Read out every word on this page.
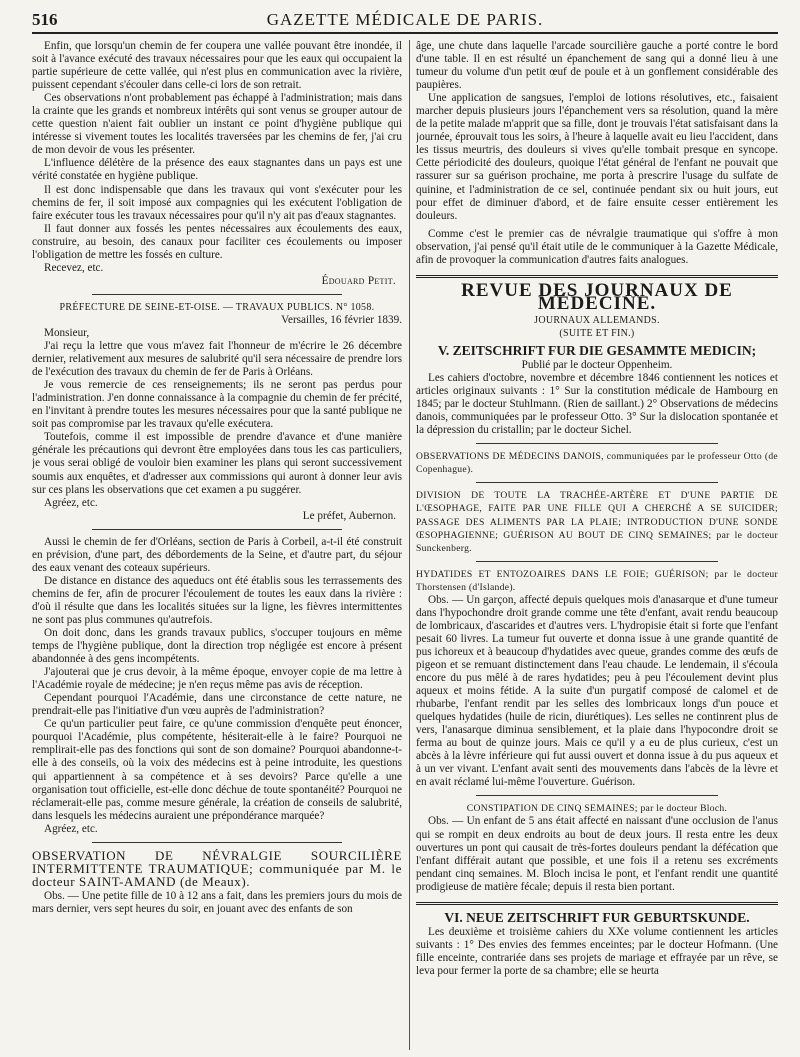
516	GAZETTE MÉDICALE DE PARIS.

Enfin, que lorsqu'un chemin de fer coupera une vallée pouvant être inondée, il soit à l'avance exécuté des travaux nécessaires pour que les eaux qui occupaient la partie supérieure de cette vallée, qui n'est plus en communication avec la rivière, puissent cependant s'écouler dans celle-ci lors de son retrait.

Ces observations n'ont probablement pas échappé à l'administration; mais dans la crainte que les grands et nombreux intérêts qui sont venus se grouper autour de cette question n'aient fait oublier un instant ce point d'hygiène publique qui intéresse si vivement toutes les localités traversées par les chemins de fer, j'ai cru de mon devoir de vous les présenter.

L'influence délétère de la présence des eaux stagnantes dans un pays est une vérité constatée en hygiène publique.

Il est donc indispensable que dans les travaux qui vont s'exécuter pour les chemins de fer, il soit imposé aux compagnies qui les exécutent l'obligation de faire exécuter tous les travaux nécessaires pour qu'il n'y ait pas d'eaux stagnantes.

Il faut donner aux fossés les pentes nécessaires aux écoulements des eaux, construire, au besoin, des canaux pour faciliter ces écoulements ou imposer l'obligation de mettre les fossés en culture.

Recevez, etc.

Édouard Petit.

PRÉFECTURE DE SEINE-ET-OISE. — TRAVAUX PUBLICS. N° 1058.

Versailles, 16 février 1839.

Monsieur,

J'ai reçu la lettre que vous m'avez fait l'honneur de m'écrire le 26 décembre dernier, relativement aux mesures de salubrité qu'il sera nécessaire de prendre lors de l'exécution des travaux du chemin de fer de Paris à Orléans.

Je vous remercie de ces renseignements; ils ne seront pas perdus pour l'administration. J'en donne connaissance à la compagnie du chemin de fer précité, en l'invitant à prendre toutes les mesures nécessaires pour que la santé publique ne soit pas compromise par les travaux qu'elle exécutera.

Toutefois, comme il est impossible de prendre d'avance et d'une manière générale les précautions qui devront être employées dans tous les cas particuliers, je vous serai obligé de vouloir bien examiner les plans qui seront successivement soumis aux enquêtes, et d'adresser aux commissions qui auront à donner leur avis sur ces plans les observations que cet examen a pu suggérer.

Agréez, etc.

Le préfet, Aubernon.

Aussi le chemin de fer d'Orléans, section de Paris à Corbeil, a-t-il été construit en prévision, d'une part, des débordements de la Seine, et d'autre part, du séjour des eaux venant des coteaux supérieurs.

De distance en distance des aqueducs ont été établis sous les terrassements des chemins de fer, afin de procurer l'écoulement de toutes les eaux dans la rivière : d'où il résulte que dans les localités situées sur la ligne, les fièvres intermittentes ne sont pas plus communes qu'autrefois.

On doit donc, dans les grands travaux publics, s'occuper toujours en même temps de l'hygiène publique, dont la direction trop négligée est encore à présent abandonnée à des gens incompétents.

J'ajouterai que je crus devoir, à la même époque, envoyer copie de ma lettre à l'Académie royale de médecine; je n'en reçus même pas avis de réception.

Cependant pourquoi l'Académie, dans une circonstance de cette nature, ne prendrait-elle pas l'initiative d'un vœu auprès de l'administration?

Ce qu'un particulier peut faire, ce qu'une commission d'enquête peut énoncer, pourquoi l'Académie, plus compétente, hésiterait-elle à le faire? Pourquoi ne remplirait-elle pas des fonctions qui sont de son domaine? Pourquoi abandonne-t-elle à des conseils, où la voix des médecins est à peine introduite, les questions qui appartiennent à sa compétence et à ses devoirs? Parce qu'elle a une organisation tout officielle, est-elle donc déchue de toute spontanéité? Pourquoi ne réclamerait-elle pas, comme mesure générale, la création de conseils de salubrité, dans lesquels les médecins auraient une prépondérance marquée?

Agréez, etc.

OBSERVATION DE NÉVRALGIE SOURCILIÈRE INTERMITTENTE TRAUMATIQUE; communiquée par M. le docteur SAINT-AMAND (de Meaux).

Obs. — Une petite fille de 10 à 12 ans a fait, dans les premiers jours du mois de mars dernier, vers sept heures du soir, en jouant avec des enfants de son

âge, une chute dans laquelle l'arcade sourcilière gauche a porté contre le bord d'une table. Il en est résulté un épanchement de sang qui a donné lieu à une tumeur du volume d'un petit œuf de poule et à un gonflement considérable des paupières.

Une application de sangsues, l'emploi de lotions résolutives, etc., faisaient marcher depuis plusieurs jours l'épanchement vers sa résolution, quand la mère de la petite malade m'apprit que sa fille, dont je trouvais l'état satisfaisant dans la journée, éprouvait tous les soirs, à l'heure à laquelle avait eu lieu l'accident, dans les tissus meurtris, des douleurs si vives qu'elle tombait presque en syncope. Cette périodicité des douleurs, quoique l'état général de l'enfant ne pouvait que rassurer sur sa guérison prochaine, me porta à prescrire l'usage du sulfate de quinine, et l'administration de ce sel, continuée pendant six ou huit jours, eut pour effet de diminuer d'abord, et de faire ensuite cesser entièrement les douleurs.

Comme c'est le premier cas de névralgie traumatique qui s'offre à mon observation, j'ai pensé qu'il était utile de le communiquer à la Gazette Médicale, afin de provoquer la communication d'autres faits analogues.

REVUE DES JOURNAUX DE MÉDECINE.

JOURNAUX ALLEMANDS.

(SUITE ET FIN.)

V. ZEITSCHRIFT FUR DIE GESAMMTE MEDICIN;

Publié par le docteur Oppenheim.

Les cahiers d'octobre, novembre et décembre 1846 contiennent les notices et articles originaux suivants : 1° Sur la constitution médicale de Hambourg en 1845; par le docteur Stuhlmann. (Rien de saillant.) 2° Observations de médecins danois, communiquées par le professeur Otto. 3° Sur la dislocation spontanée et la dépression du cristallin; par le docteur Sichel.

OBSERVATIONS DE MÉDECINS DANOIS, communiquées par le professeur Otto (de Copenhague).

DIVISION DE TOUTE LA TRACHÉE-ARTÈRE ET D'UNE PARTIE DE L'ŒSOPHAGE, FAITE PAR UNE FILLE QUI A CHERCHÉ A SE SUICIDER; PASSAGE DES ALIMENTS PAR LA PLAIE; INTRODUCTION D'UNE SONDE ŒSOPHAGIENNE; GUÉRISON AU BOUT DE CINQ SEMAINES; par le docteur Sunckenberg.

HYDATIDES ET ENTOZOAIRES DANS LE FOIE; GUÉRISON; par le docteur Thorstensen (d'Islande).

Obs. — Un garçon, affecté depuis quelques mois d'anasarque et d'une tumeur dans l'hypochondre droit grande comme une tête d'enfant, avait rendu beaucoup de lombricaux, d'ascarides et d'autres vers. L'hydropisie était si forte que l'enfant pesait 60 livres. La tumeur fut ouverte et donna issue à une grande quantité de pus ichoreux et à beaucoup d'hydatides avec queue, grandes comme des œufs de pigeon et se remuant distinctement dans l'eau chaude. Le lendemain, il s'écoula encore du pus mêlé à de rares hydatides; peu à peu l'écoulement devint plus aqueux et moins fétide. A la suite d'un purgatif composé de calomel et de rhubarbe, l'enfant rendit par les selles des lombricaux longs d'un pouce et quelques hydatides (huile de ricin, diurétiques). Les selles ne continrent plus de vers, l'anasarque diminua sensiblement, et la plaie dans l'hypocondre droit se ferma au bout de quinze jours. Mais ce qu'il y a eu de plus curieux, c'est un abcès à la lèvre inférieure qui fut aussi ouvert et donna issue à du pus aqueux et à un ver vivant. L'enfant avait senti des mouvements dans l'abcès de la lèvre et en avait réclamé lui-même l'ouverture. Guérison.

CONSTIPATION DE CINQ SEMAINES; par le docteur Bloch.

Obs. — Un enfant de 5 ans était affecté en naissant d'une occlusion de l'anus qui se rompit en deux endroits au bout de deux jours. Il resta entre les deux ouvertures un pont qui causait de très-fortes douleurs pendant la défécation que l'enfant différait autant que possible, et une fois il a retenu ses excréments pendant cinq semaines. M. Bloch incisa le pont, et l'enfant rendit une quantité prodigieuse de matière fécale; depuis il resta bien portant.

VI. NEUE ZEITSCHRIFT FUR GEBURTSKUNDE.

Les deuxième et troisième cahiers du XXe volume contiennent les articles suivants : 1° Des envies des femmes enceintes; par le docteur Hofmann. (Une fille enceinte, contrariée dans ses projets de mariage et effrayée par un rêve, se leva pour fermer la porte de sa chambre; elle se heurta
